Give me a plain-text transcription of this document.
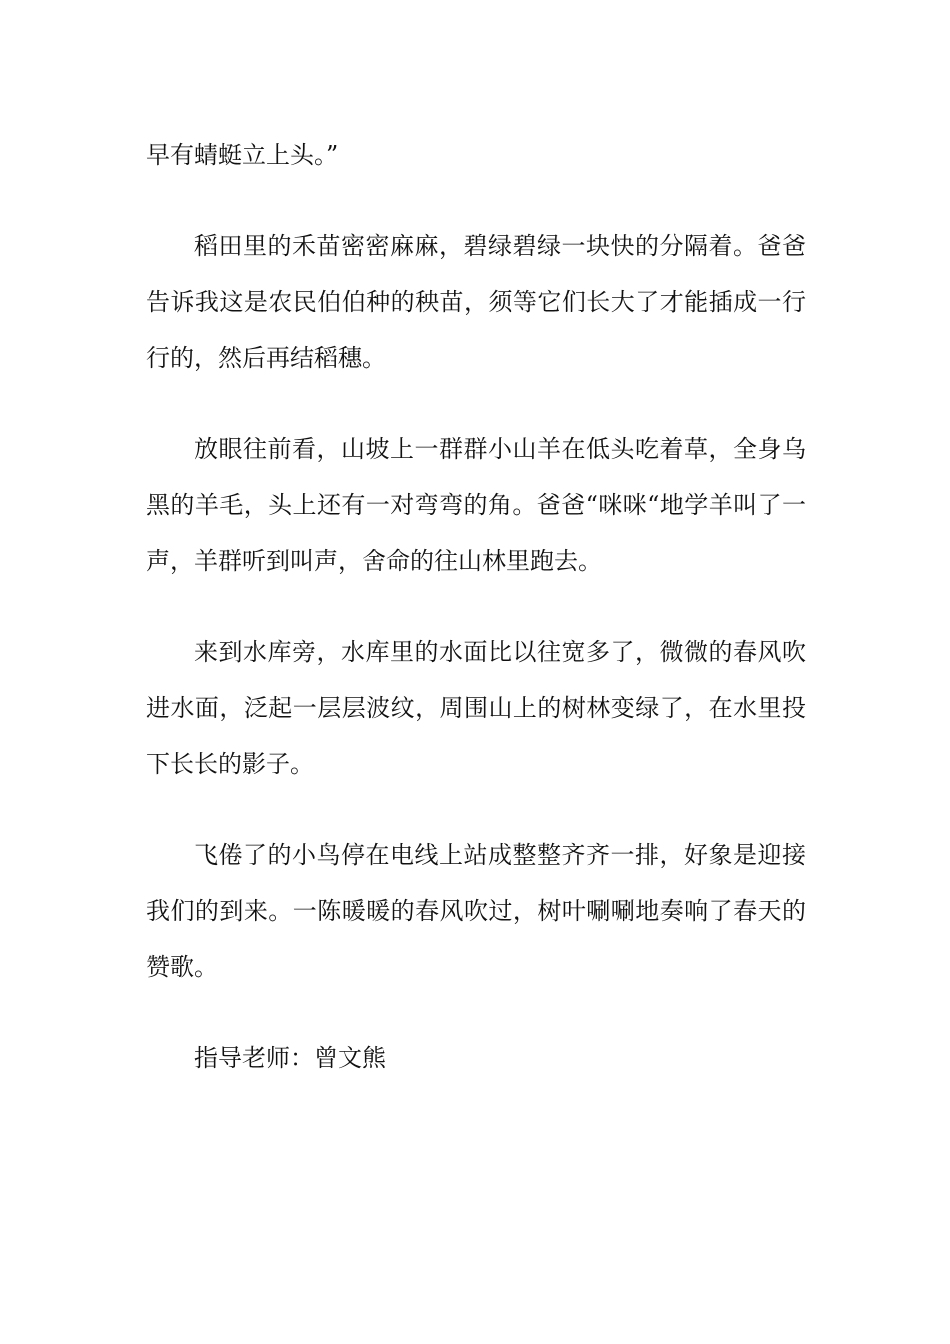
早有蜻蜓立上头。”

稻田里的禾苗密密麻麻，碧绿碧绿一块快的分隔着。爸爸告诉我这是农民伯伯种的秧苗，须等它们长大了才能插成一行行的，然后再结稻穗。

放眼往前看，山坡上一群群小山羊在低头吃着草，全身乌黑的羊毛，头上还有一对弯弯的角。爸爸“咪咪“地学羊叫了一声，羊群听到叫声，舍命的往山林里跑去。

来到水库旁，水库里的水面比以往宽多了，微微的春风吹进水面，泛起一层层波纹，周围山上的树林变绿了，在水里投下长长的影子。

飞倦了的小鸟停在电线上站成整整齐齐一排，好象是迎接我们的到来。一陈暖暖的春风吹过，树叶唰唰地奏响了春天的赞歌。

指导老师：曾文熊
